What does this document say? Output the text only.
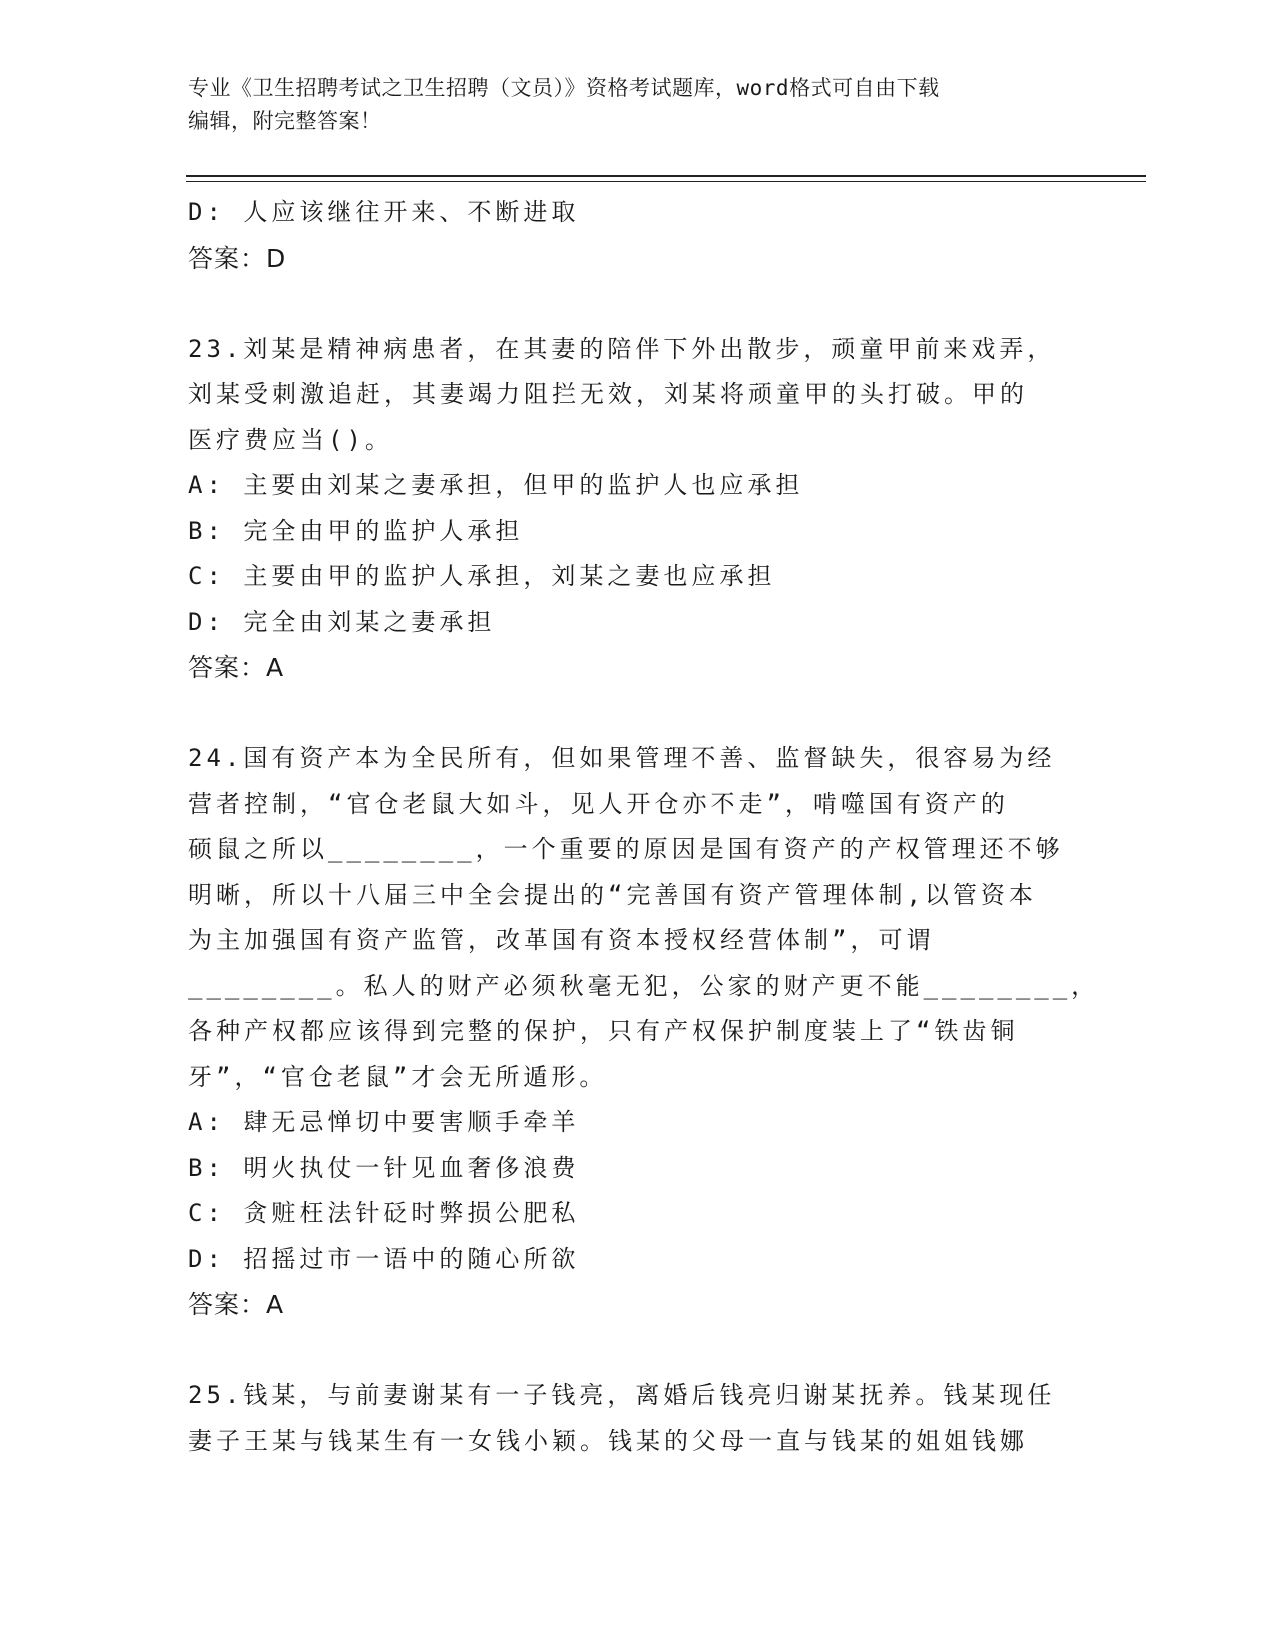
专业《卫生招聘考试之卫生招聘（文员）》资格考试题库，word格式可自由下载
编辑，附完整答案！
D: 人应该继往开来、不断进取
答案：D
23.刘某是精神病患者，在其妻的陪伴下外出散步，顽童甲前来戏弄，
刘某受刺激追赶，其妻竭力阻拦无效，刘某将顽童甲的头打破。甲的
医疗费应当()。
A: 主要由刘某之妻承担，但甲的监护人也应承担
B: 完全由甲的监护人承担
C: 主要由甲的监护人承担，刘某之妻也应承担
D: 完全由刘某之妻承担
答案：A
24.国有资产本为全民所有，但如果管理不善、监督缺失，很容易为经
营者控制，“官仓老鼠大如斗，见人开仓亦不走”，啃噬国有资产的
硕鼠之所以________，一个重要的原因是国有资产的产权管理还不够
明晰，所以十八届三中全会提出的“完善国有资产管理体制,以管资本
为主加强国有资产监管，改革国有资本授权经营体制”，可谓
________。私人的财产必须秋毫无犯，公家的财产更不能________，
各种产权都应该得到完整的保护，只有产权保护制度装上了“铁齿铜
牙”，“官仓老鼠”才会无所遁形。
A: 肆无忌惮切中要害顺手牵羊
B: 明火执仗一针见血奢侈浪费
C: 贪赃枉法针砭时弊损公肥私
D: 招摇过市一语中的随心所欲
答案：A
25.钱某，与前妻谢某有一子钱亮，离婚后钱亮归谢某抚养。钱某现任
妻子王某与钱某生有一女钱小颖。钱某的父母一直与钱某的姐姐钱娜
